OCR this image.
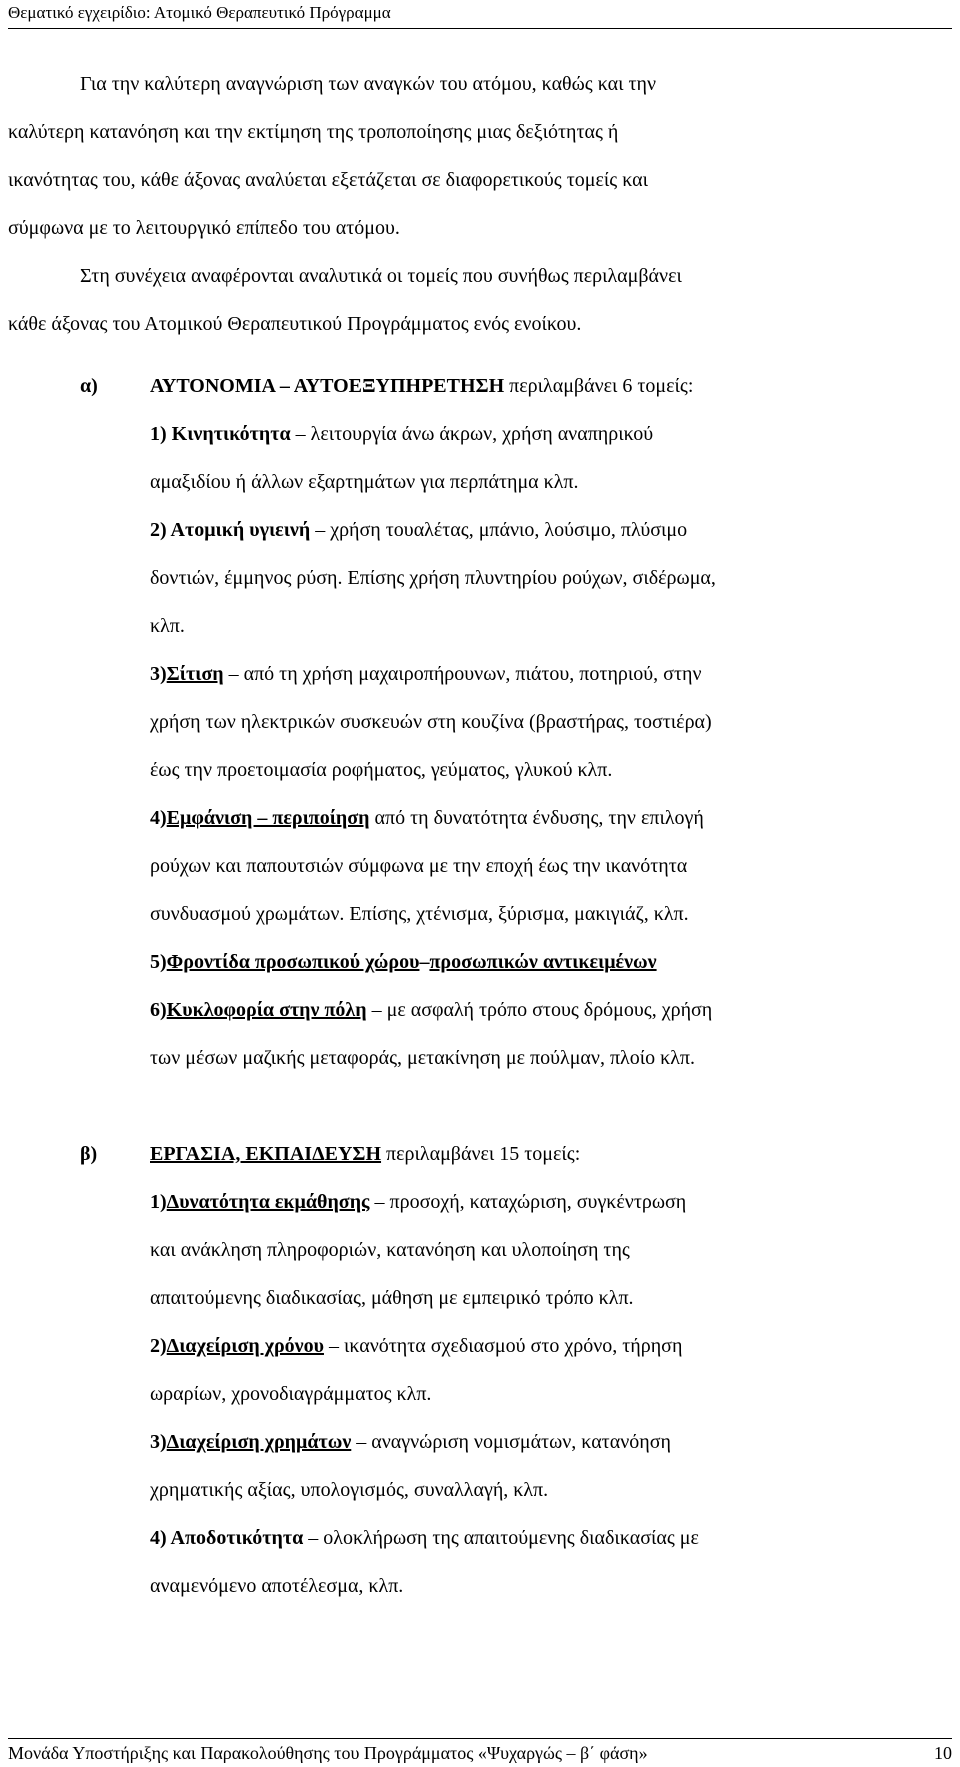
Θεματικό εγχειρίδιο: Ατομικό Θεραπευτικό Πρόγραμμα
Για την καλύτερη αναγνώριση των αναγκών του ατόμου, καθώς και την
καλύτερη κατανόηση και την εκτίμηση της τροποποίησης μιας δεξιότητας ή
ικανότητας του, κάθε άξονας αναλύεται εξετάζεται σε διαφορετικούς τομείς και
σύμφωνα με το λειτουργικό επίπεδο του ατόμου.
Στη συνέχεια αναφέρονται αναλυτικά οι τομείς που συνήθως περιλαμβάνει
κάθε άξονας του Ατομικού Θεραπευτικού Προγράμματος ενός ενοίκου.
α)	ΑΥΤΟΝΟΜΙΑ – ΑΥΤΟΕΞΥΠΗΡΕΤΗΣΗ περιλαμβάνει 6 τομείς:
1) Κινητικότητα – λειτουργία άνω άκρων, χρήση αναπηρικού
αμαξιδίου ή άλλων εξαρτημάτων για περπάτημα κλπ.
2) Ατομική υγιεινή – χρήση τουαλέτας, μπάνιο, λούσιμο, πλύσιμο
δοντιών, έμμηνος ρύση. Επίσης χρήση πλυντηρίου ρούχων, σιδέρωμα,
κλπ.
3) Σίτιση – από τη χρήση μαχαιροπήρουνων, πιάτου, ποτηριού, στην
χρήση των ηλεκτρικών συσκευών στη κουζίνα (βραστήρας, τοστιέρα)
έως την προετοιμασία ροφήματος, γεύματος, γλυκού κλπ.
4) Εμφάνιση – περιποίηση από τη δυνατότητα ένδυσης, την επιλογή
ρούχων και παπουτσιών σύμφωνα με την εποχή έως την ικανότητα
συνδυασμού χρωμάτων. Επίσης, χτένισμα, ξύρισμα, μακιγιάζ, κλπ.
5) Φροντίδα προσωπικού χώρου – προσωπικών αντικειμένων
6) Κυκλοφορία στην πόλη – με ασφαλή τρόπο στους δρόμους, χρήση
των μέσων μαζικής μεταφοράς, μετακίνηση με πούλμαν, πλοίο κλπ.
β)	ΕΡΓΑΣΙΑ, ΕΚΠΑΙΔΕΥΣΗ περιλαμβάνει 15 τομείς:
1) Δυνατότητα εκμάθησης – προσοχή, καταχώριση, συγκέντρωση
και ανάκληση πληροφοριών, κατανόηση και υλοποίηση της
απαιτούμενης διαδικασίας, μάθηση με εμπειρικό τρόπο κλπ.
2) Διαχείριση χρόνου – ικανότητα σχεδιασμού στο χρόνο, τήρηση
ωραρίων, χρονοδιαγράμματος κλπ.
3) Διαχείριση χρημάτων – αναγνώριση νομισμάτων, κατανόηση
χρηματικής αξίας, υπολογισμός, συναλλαγή, κλπ.
4) Αποδοτικότητα – ολοκλήρωση της απαιτούμενης διαδικασίας με
αναμενόμενο αποτέλεσμα, κλπ.
Μονάδα Υποστήριξης και Παρακολούθησης του Προγράμματος «Ψυχαργώς – β΄ φάση»	10
